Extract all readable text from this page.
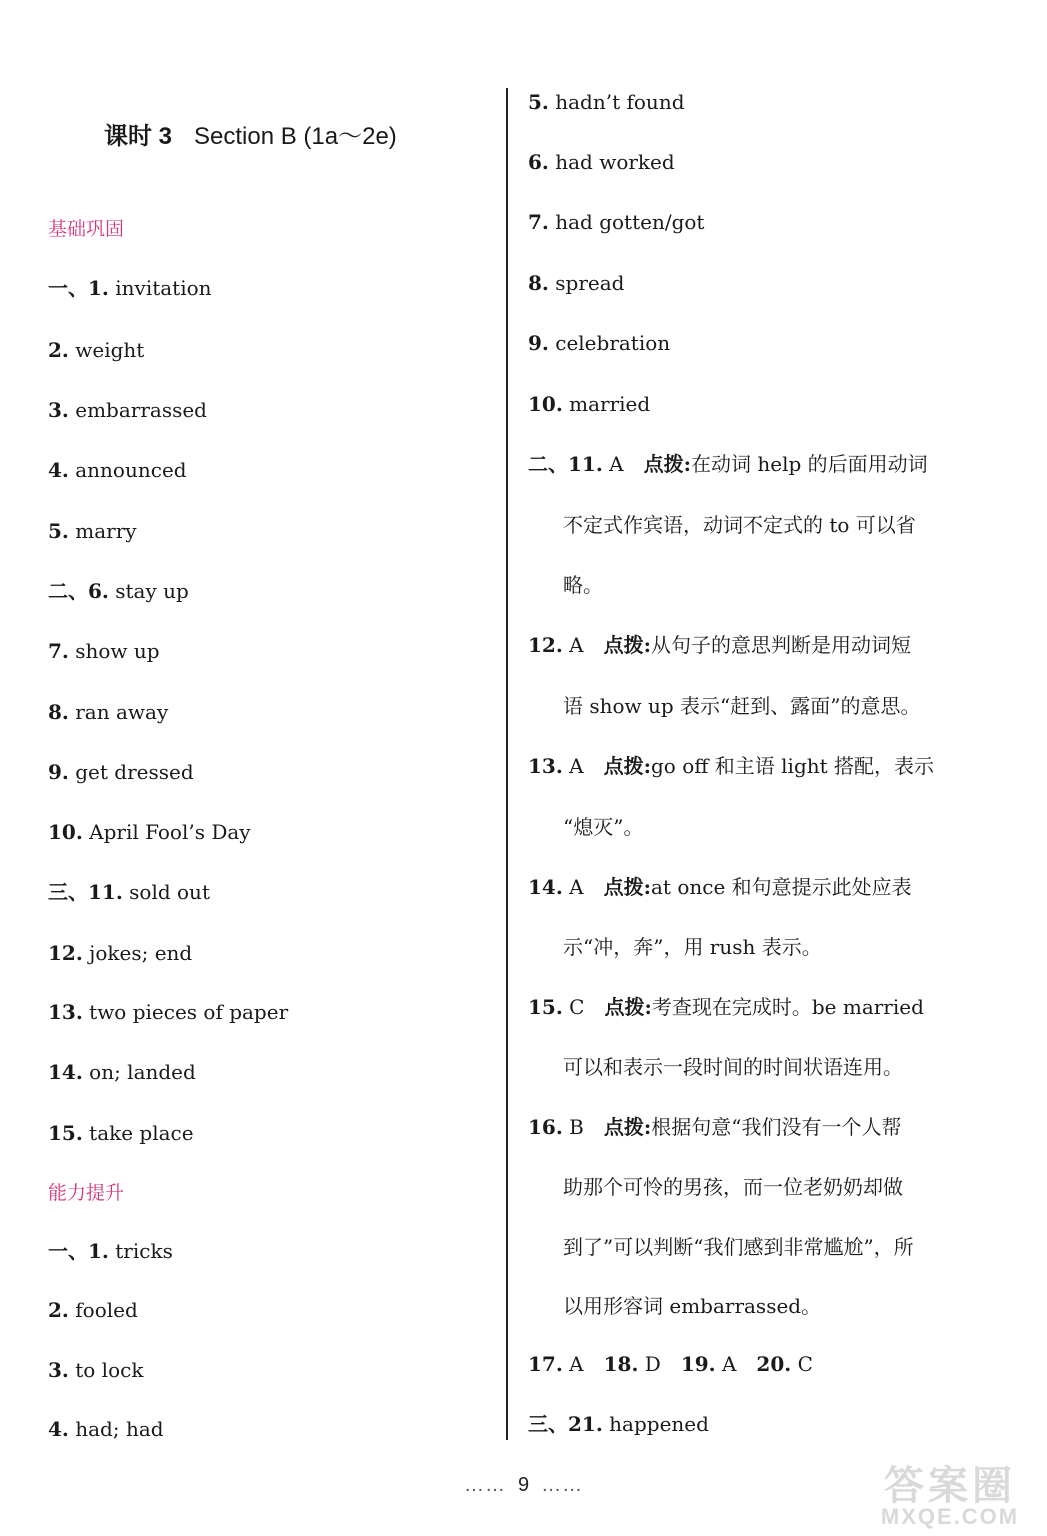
课时 3 Section B (1a～2e)
基础巩固
一、1. invitation
2. weight
3. embarrassed
4. announced
5. marry
二、6. stay up
7. show up
8. ran away
9. get dressed
10. April Fool’s Day
三、11. sold out
12. jokes; end
13. two pieces of paper
14. on; landed
15. take place
能力提升
一、1. tricks
2. fooled
3. to lock
4. had; had
5. hadn’t found
6. had worked
7. had gotten/got
8. spread
9. celebration
10. married
二、11. A 点拨:在动词 help 的后面用动词
不定式作宾语，动词不定式的 to 可以省
略。
12. A 点拨:从句子的意思判断是用动词短
语 show up 表示“赶到、露面”的意思。
13. A 点拨:go off 和主语 light 搭配，表示
“熄灭”。
14. A 点拨:at once 和句意提示此处应表
示“冲，奔”，用 rush 表示。
15. C 点拨:考查现在完成时。be married
可以和表示一段时间的时间状语连用。
16. B 点拨:根据句意“我们没有一个人帮
助那个可怜的男孩，而一位老奶奶却做
到了”可以判断“我们感到非常尴尬”，所
以用形容词 embarrassed。
17. A 18. D 19. A 20. C
三、21. happened
…… 9 ……	答案圈
MXQE.COM
